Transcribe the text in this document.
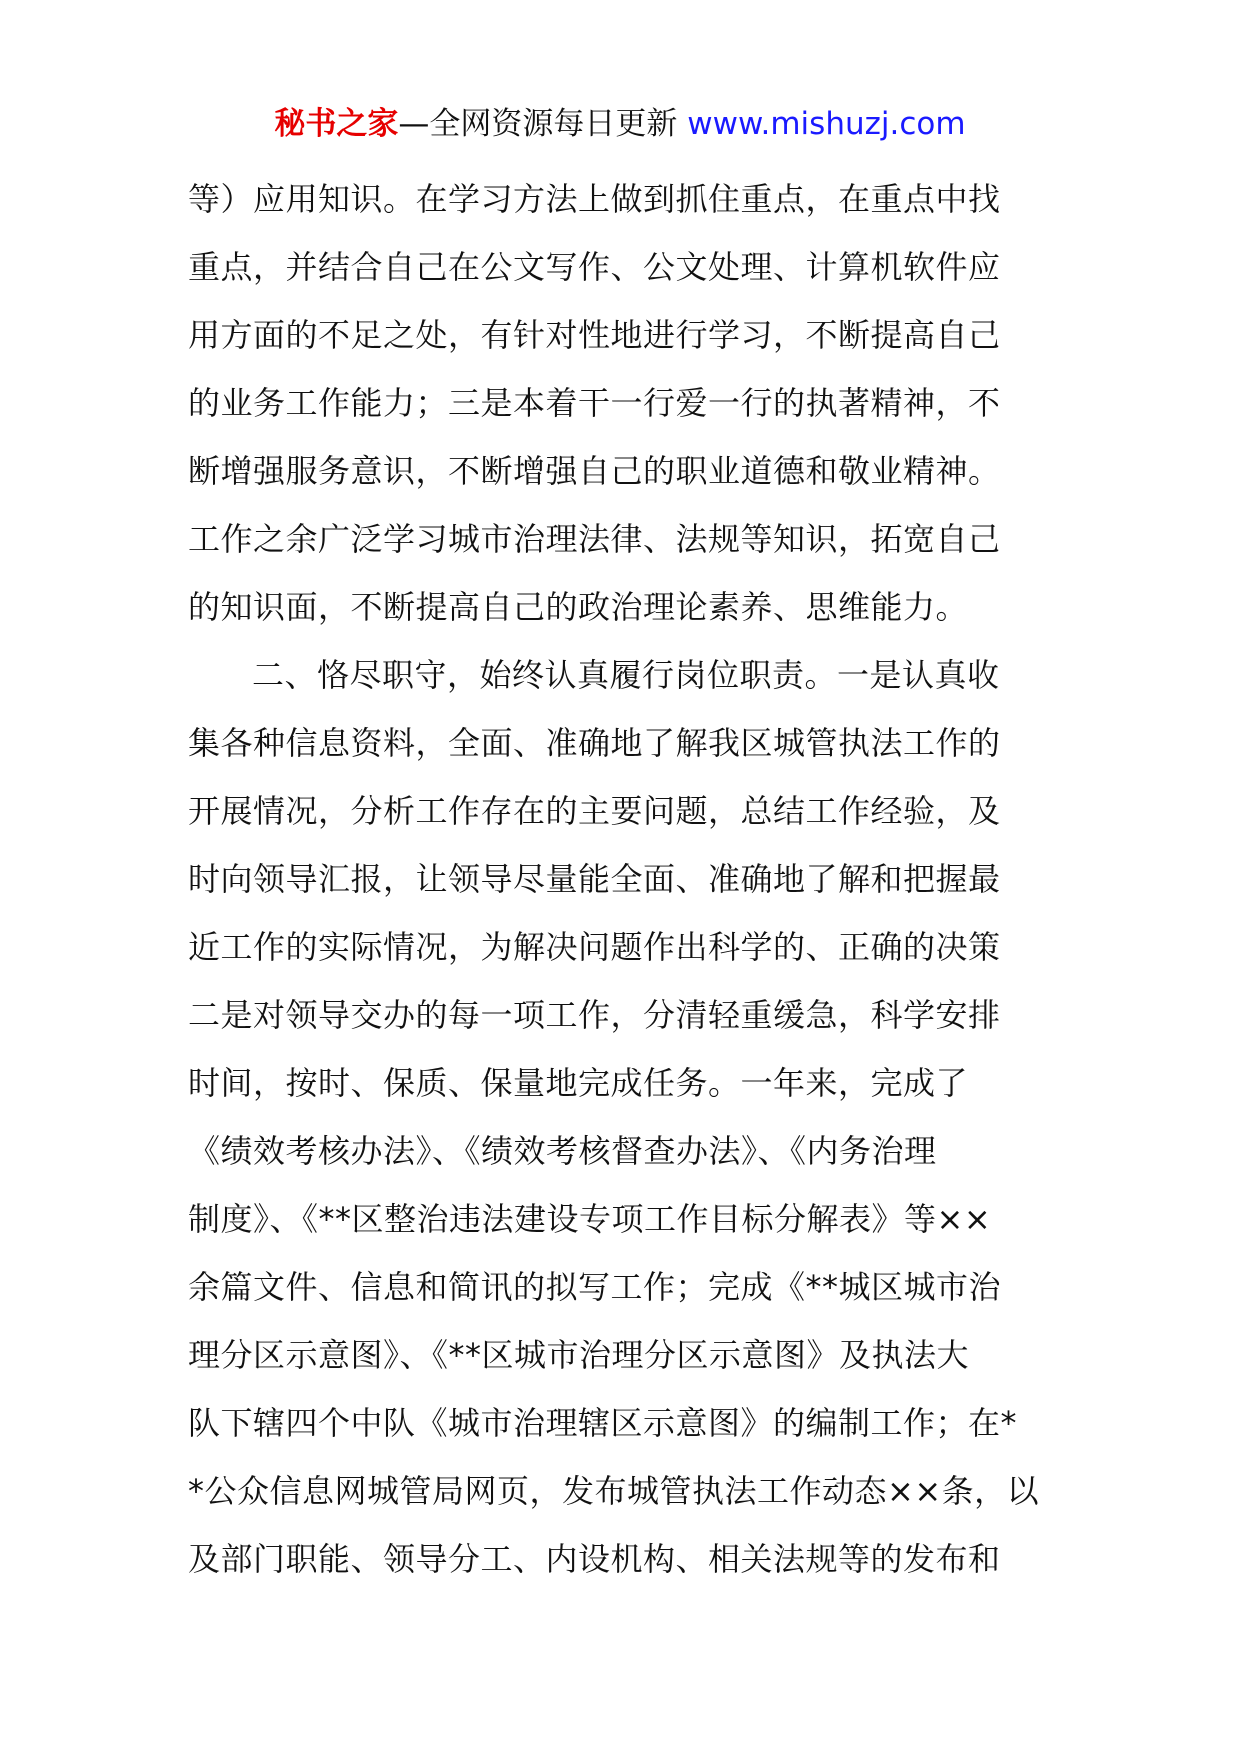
秘书之家—全网资源每日更新 www.mishuzj.com
等）应用知识。在学习方法上做到抓住重点，在重点中找
重点，并结合自己在公文写作、公文处理、计算机软件应
用方面的不足之处，有针对性地进行学习，不断提高自己
的业务工作能力；三是本着干一行爱一行的执著精神，不
断增强服务意识，不断增强自己的职业道德和敬业精神。
工作之余广泛学习城市治理法律、法规等知识，拓宽自己
的知识面，不断提高自己的政治理论素养、思维能力。
二、恪尽职守，始终认真履行岗位职责。一是认真收
集各种信息资料，全面、准确地了解我区城管执法工作的
开展情况，分析工作存在的主要问题，总结工作经验，及
时向领导汇报，让领导尽量能全面、准确地了解和把握最
近工作的实际情况，为解决问题作出科学的、正确的决策
二是对领导交办的每一项工作，分清轻重缓急，科学安排
时间，按时、保质、保量地完成任务。一年来，完成了
《绩效考核办法》、《绩效考核督查办法》、《内务治理
制度》、《**区整治违法建设专项工作目标分解表》等××
余篇文件、信息和简讯的拟写工作；完成《**城区城市治
理分区示意图》、《**区城市治理分区示意图》及执法大
队下辖四个中队《城市治理辖区示意图》的编制工作；在*
*公众信息网城管局网页，发布城管执法工作动态××条，以
及部门职能、领导分工、内设机构、相关法规等的发布和
